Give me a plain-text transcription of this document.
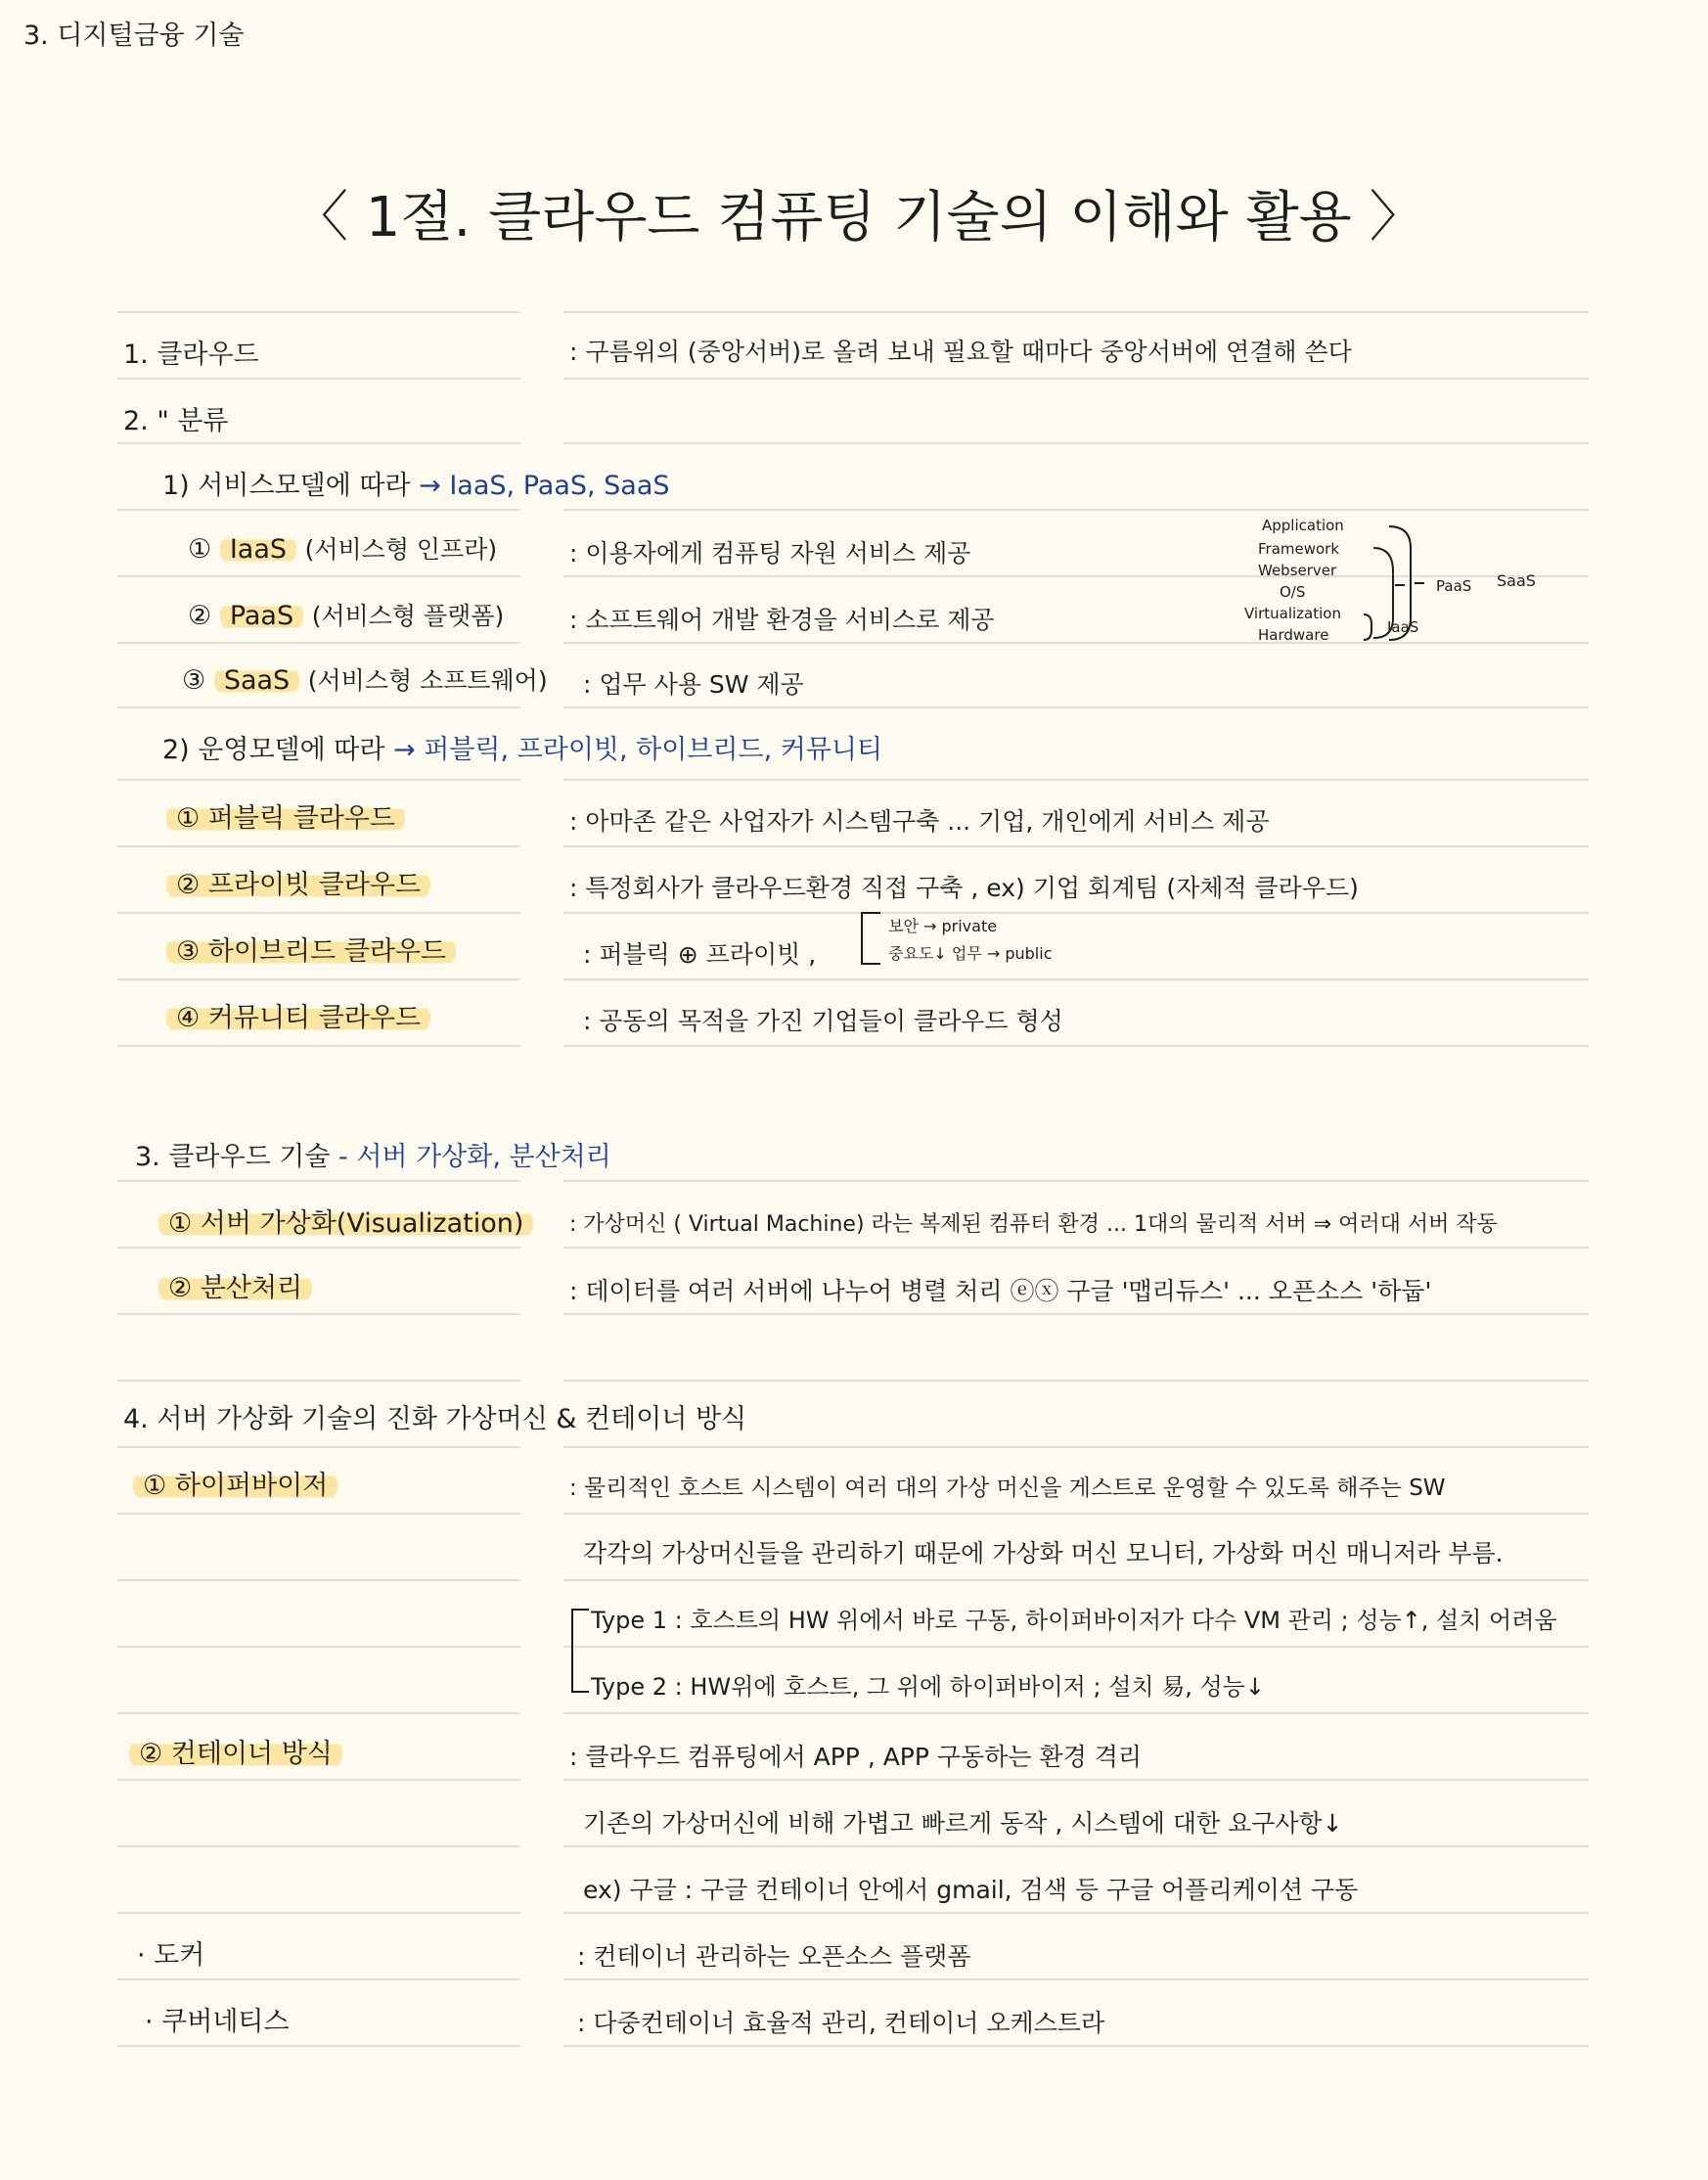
3. 디지털금융 기술
〈 1절. 클라우드 컴퓨팅 기술의 이해와 활용 〉
1. 클라우드	: 구름위의 (중앙서버)로 올려 보내 필요할 때마다 중앙서버에 연결해 쓴다
2. " 분류
1) 서비스모델에 따라 → IaaS, PaaS, SaaS
① IaaS (서비스형 인프라)	: 이용자에게 컴퓨팅 자원 서비스 제공
② PaaS (서비스형 플랫폼)	: 소프트웨어 개발 환경을 서비스로 제공
③ SaaS (서비스형 소프트웨어) : 업무 사용 SW 제공
2) 운영모델에 따라 → 퍼블릭, 프라이빗, 하이브리드, 커뮤니티
① 퍼블릭 클라우드	: 아마존 같은 사업자가 시스템구축 ... 기업, 개인에게 서비스 제공
② 프라이빗 클라우드	: 특정회사가 클라우드환경 직접 구축 , ex) 기업 회계팀 (자체적 클라우드)
③ 하이브리드 클라우드	: 퍼블릭 ⊕ 프라이빗 ,
보안 → private
중요도↓ 업무 → public
④ 커뮤니티 클라우드	: 공동의 목적을 가진 기업들이 클라우드 형성
Application
Framework
Webserver
O/S
Virtualization
Hardware	IaaS
PaaS SaaS
3. 클라우드 기술 - 서버 가상화, 분산처리
① 서버 가상화(Visualization)	: 가상머신 ( Virtual Machine) 라는 복제된 컴퓨터 환경 ... 1대의 물리적 서버 ⇒ 여러대 서버 작동
② 분산처리	: 데이터를 여러 서버에 나누어 병렬 처리 ⓔⓧ 구글 '맵리듀스' ... 오픈소스 '하둡'
4. 서버 가상화 기술의 진화 가상머신 & 컨테이너 방식
① 하이퍼바이저	: 물리적인 호스트 시스템이 여러 대의 가상 머신을 게스트로 운영할 수 있도록 해주는 SW
각각의 가상머신들을 관리하기 때문에 가상화 머신 모니터, 가상화 머신 매니저라 부름.
Type 1 : 호스트의 HW 위에서 바로 구동, 하이퍼바이저가 다수 VM 관리 ; 성능↑, 설치 어려움
Type 2 : HW위에 호스트, 그 위에 하이퍼바이저 ; 설치 易, 성능↓
② 컨테이너 방식	: 클라우드 컴퓨팅에서 APP , APP 구동하는 환경 격리
기존의 가상머신에 비해 가볍고 빠르게 동작 , 시스템에 대한 요구사항↓
ex) 구글 : 구글 컨테이너 안에서 gmail, 검색 등 구글 어플리케이션 구동
· 도커	: 컨테이너 관리하는 오픈소스 플랫폼
· 쿠버네티스	: 다중컨테이너 효율적 관리, 컨테이너 오케스트라
